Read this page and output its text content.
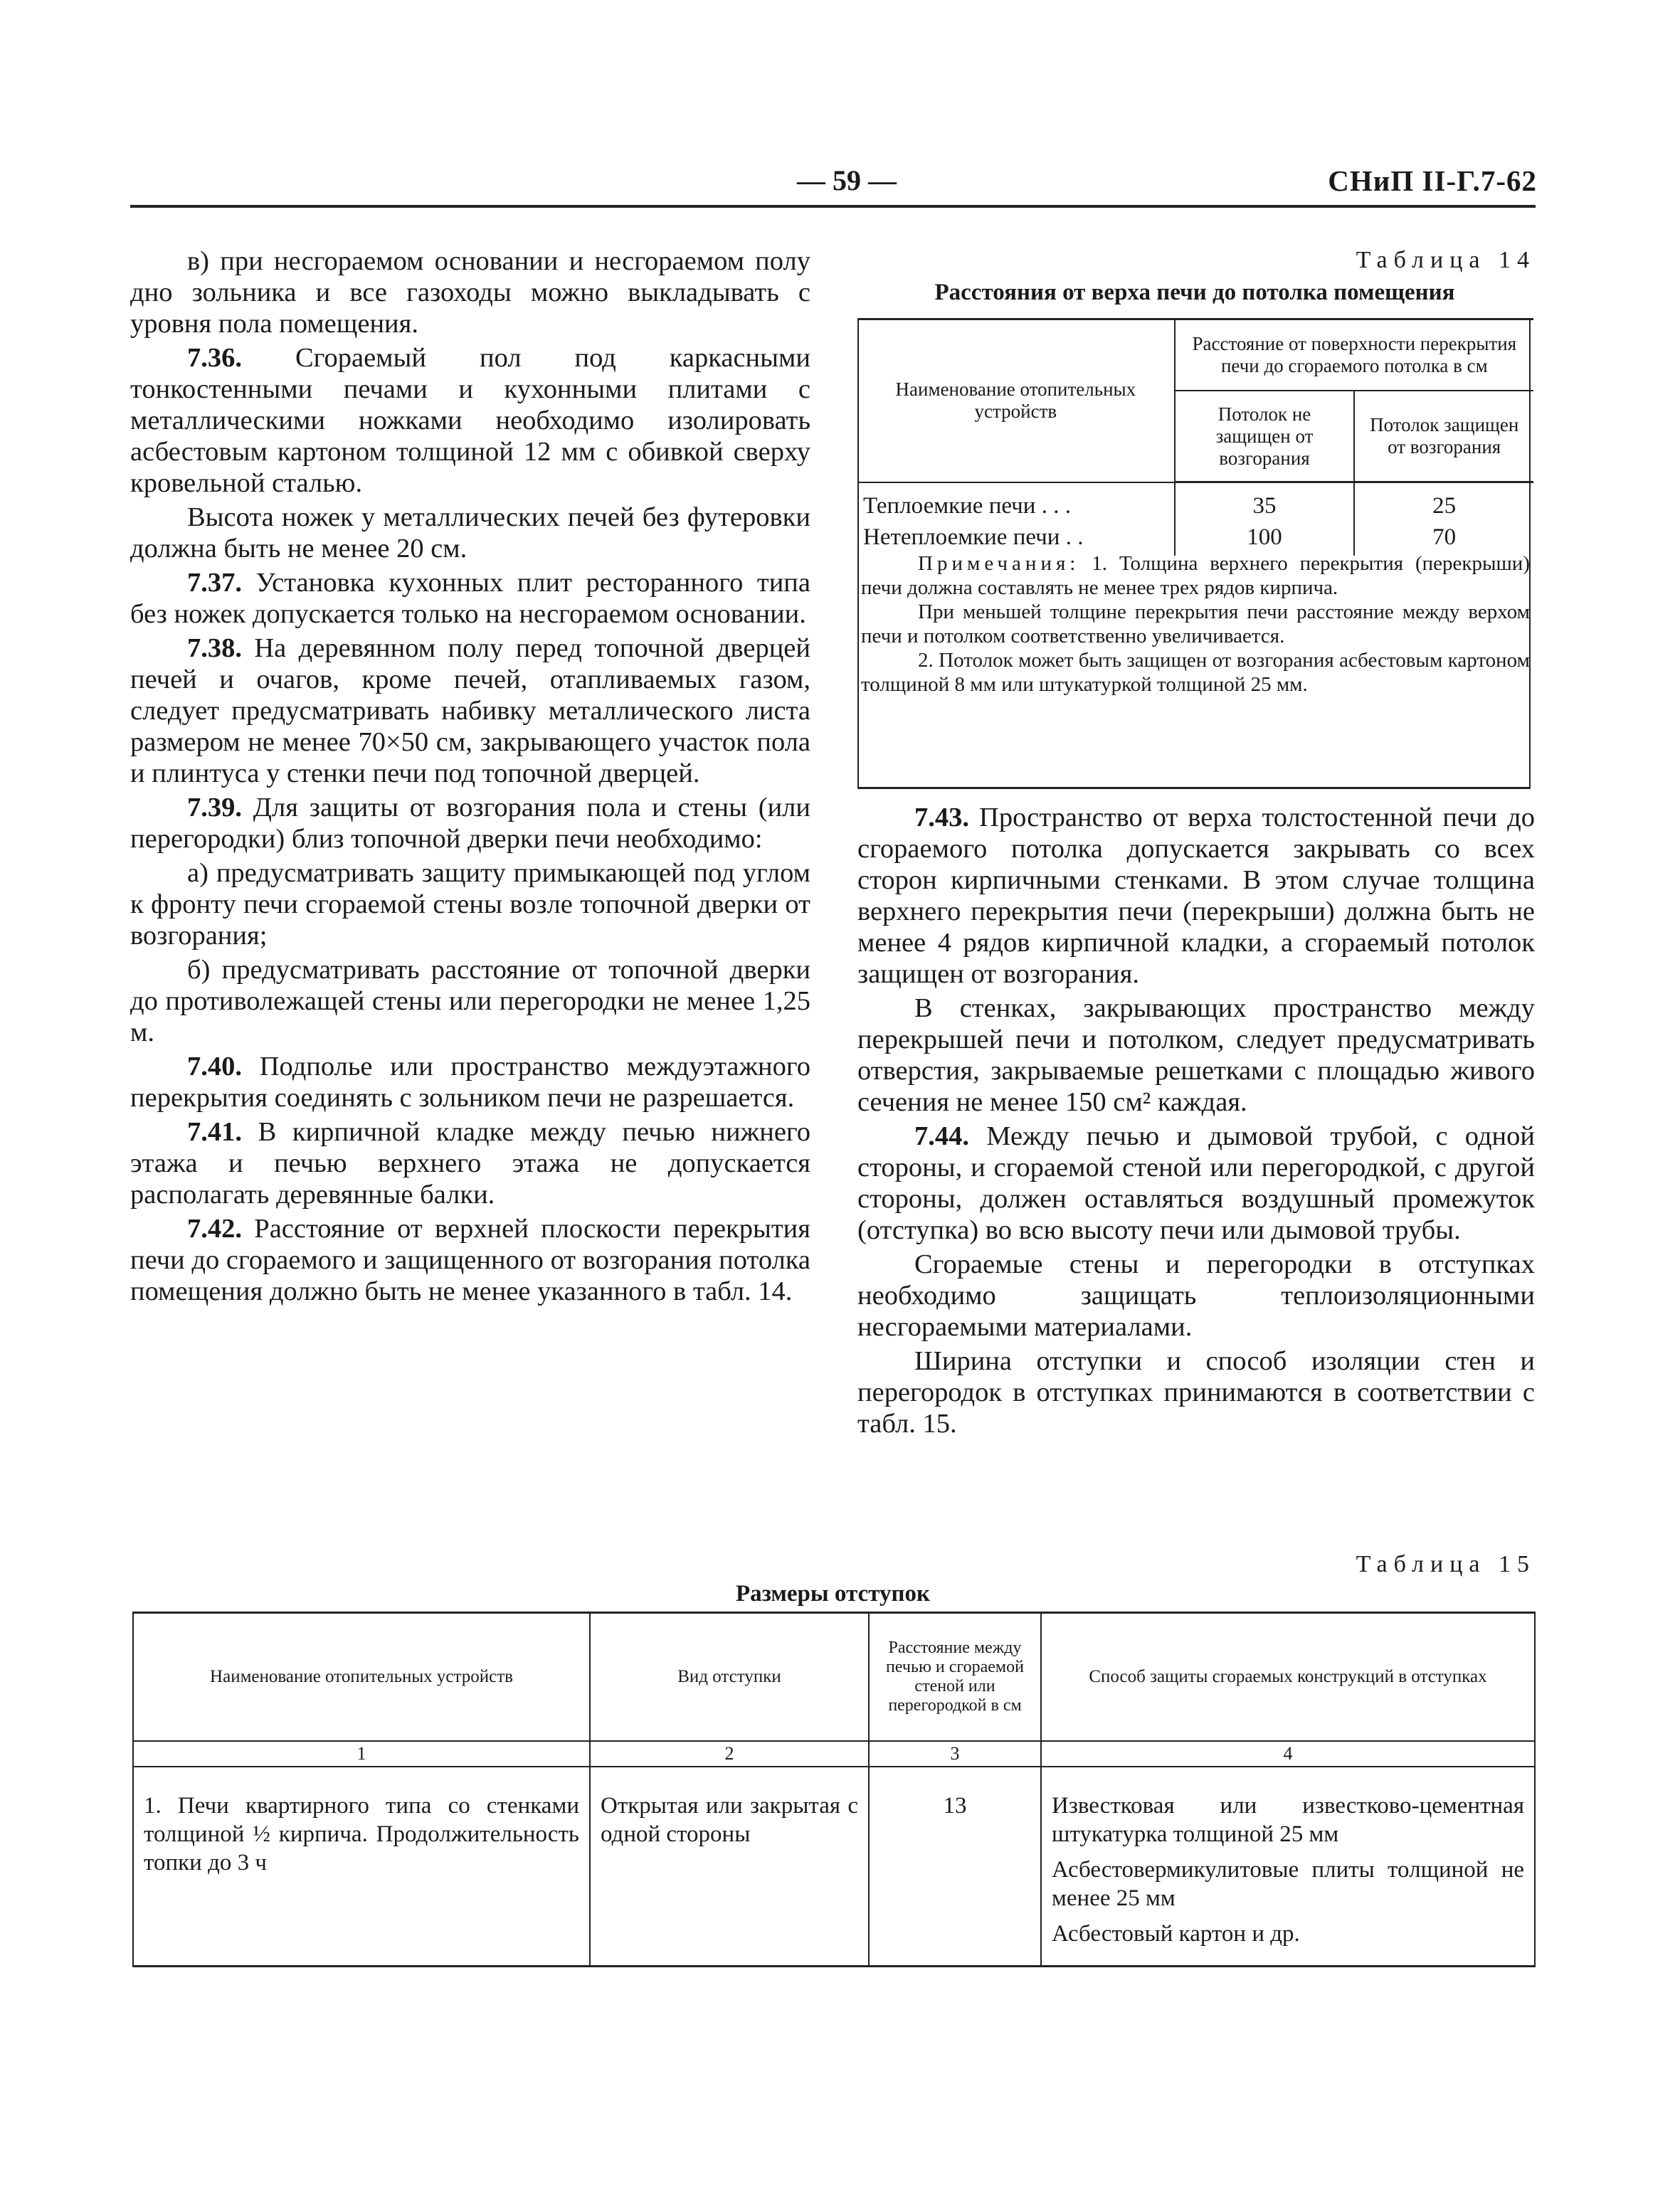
— 59 —	СНиП II-Г.7-62

в) при несгораемом основании и несгораемом полу дно зольника и все газоходы можно выкладывать с уровня пола помещения.

7.36. Сгораемый пол под каркасными тонкостенными печами и кухонными плитами с металлическими ножками необходимо изолировать асбестовым картоном толщиной 12 мм с обивкой сверху кровельной сталью.

Высота ножек у металлических печей без футеровки должна быть не менее 20 см.

7.37. Установка кухонных плит ресторанного типа без ножек допускается только на несгораемом основании.

7.38. На деревянном полу перед топочной дверцей печей и очагов, кроме печей, отапливаемых газом, следует предусматривать набивку металлического листа размером не менее 70×50 см, закрывающего участок пола и плинтуса у стенки печи под топочной дверцей.

7.39. Для защиты от возгорания пола и стены (или перегородки) близ топочной дверки печи необходимо:

а) предусматривать защиту примыкающей под углом к фронту печи сгораемой стены возле топочной дверки от возгорания;

б) предусматривать расстояние от топочной дверки до противолежащей стены или перегородки не менее 1,25 м.

7.40. Подполье или пространство междуэтажного перекрытия соединять с зольником печи не разрешается.

7.41. В кирпичной кладке между печью нижнего этажа и печью верхнего этажа не допускается располагать деревянные балки.

7.42. Расстояние от верхней плоскости перекрытия печи до сгораемого и защищенного от возгорания потолка помещения должно быть не менее указанного в табл. 14.

Таблица 14
Расстояния от верха печи до потолка помещения
Наименование отопительных устройств	Расстояние от поверхности перекрытия печи до сгораемого потолка в см	
	Потолок не защищен от возгорания	Потолок защищен от возгорания
Теплоемкие печи . . .	35	25
Нетеплоемкие печи . .	100	70

Примечания: 1. Толщина верхнего перекрытия (перекрыши) печи должна составлять не менее трех рядов кирпича.

При меньшей толщине перекрытия печи расстояние между верхом печи и потолком соответственно увеличивается.

2. Потолок может быть защищен от возгорания асбестовым картоном толщиной 8 мм или штукатуркой толщиной 25 мм.

7.43. Пространство от верха толстостенной печи до сгораемого потолка допускается закрывать со всех сторон кирпичными стенками. В этом случае толщина верхнего перекрытия печи (перекрыши) должна быть не менее 4 рядов кирпичной кладки, а сгораемый потолок защищен от возгорания.

В стенках, закрывающих пространство между перекрышей печи и потолком, следует предусматривать отверстия, закрываемые решетками с площадью живого сечения не менее 150 см² каждая.

7.44. Между печью и дымовой трубой, с одной стороны, и сгораемой стеной или перегородкой, с другой стороны, должен оставляться воздушный промежуток (отступка) во всю высоту печи или дымовой трубы.

Сгораемые стены и перегородки в отступках необходимо защищать теплоизоляционными несгораемыми материалами.

Ширина отступки и способ изоляции стен и перегородок в отступках принимаются в соответствии с табл. 15.

Таблица 15
Размеры отступок
Наименование отопительных устройств	Вид отступки	Расстояние между печью и сгораемой стеной или перегородкой в см	Способ защиты сгораемых конструкций в отступках
1	2	3	4

1. Печи квартирного типа со стенками толщиной ½ кирпича. Продолжительность топки до 3 ч	Открытая или закрытая с одной стороны	13	Известковая или известково-цементная штукатурка толщиной 25 мм

Асбестовермикулитовые плиты толщиной не менее 25 мм

Асбестовый картон и др.
